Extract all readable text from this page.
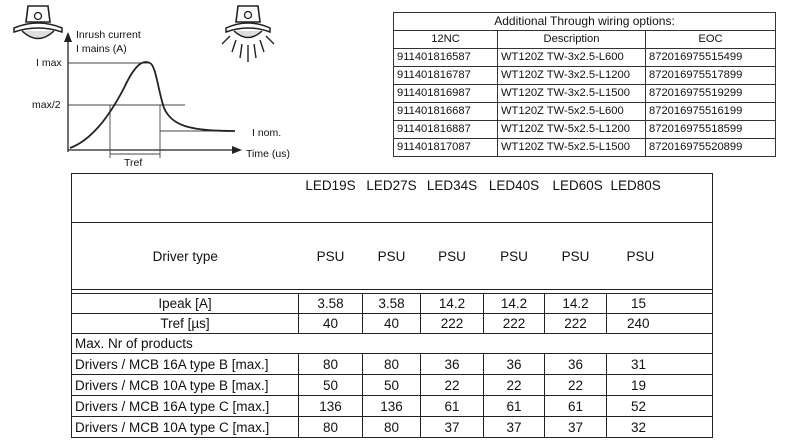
Inrush current
I mains (A)
I max
max/2
I nom.
Time (us)
Tref
Additional Through wiring options:		
12NC	Description	EOC
911401816587	WT120Z TW-3x2.5-L600	872016975515499
911401816787	WT120Z TW-3x2.5-L1200	872016975517899
911401816987	WT120Z TW-3x2.5-L1500	872016975519299
911401816687	WT120Z TW-5x2.5-L600	872016975516199
911401816887	WT120Z TW-5x2.5-L1200	872016975518599
911401817087	WT120Z TW-5x2.5-L1500	872016975520899
	LED19S	LED27S	LED34S	LED40S	LED60S	LED80S
Driver type	PSU	PSU	PSU	PSU	PSU	PSU

Ipeak [A]	3.58	3.58	14.2	14.2	14.2	15
Tref [µs]	40	40	222	222	222	240
Max. Nr of products						
Drivers / MCB 16A type B [max.]	80	80	36	36	36	31
Drivers / MCB 10A type B [max.]	50	50	22	22	22	19
Drivers / MCB 16A type C [max.]	136	136	61	61	61	52
Drivers / MCB 10A type C [max.]	80	80	37	37	37	32
